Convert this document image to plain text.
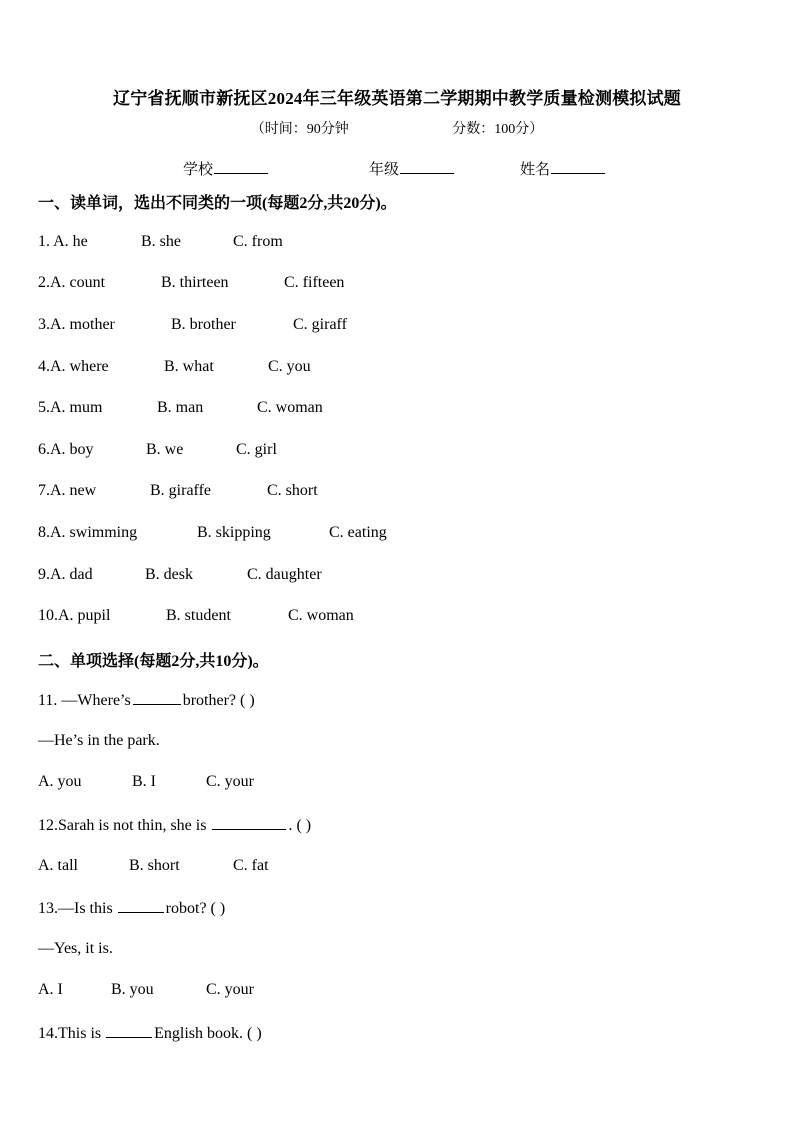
辽宁省抚顺市新抚区2024年三年级英语第二学期期中教学质量检测模拟试题
（时间：90分钟	分数：100分）
学校	年级	姓名
一、读单词，选出不同类的一项(每题2分,共20分)。
1. A. he	B. she	C. from
2.A. count	B. thirteen	C. fifteen
3.A. mother	B. brother	C. giraff
4.A. where	B. what	C. you
5.A. mum	B. man	C. woman
6.A. boy	B. we	C. girl
7.A. new	B. giraffe	C. short
8.A. swimming	B. skipping	C. eating
9.A. dad	B. desk	C. daughter
10.A. pupil	B. student	C. woman
二、单项选择(每题2分,共10分)。
11. —Where’s	brother? ( )
—He’s in the park.
A. you	B. I	C. your
12.Sarah is not thin, she is	. ( )
A. tall	B. short	C. fat
13.—Is this	robot? ( )
—Yes, it is.
A. I	B. you	C. your
14.This is	English book. ( )
